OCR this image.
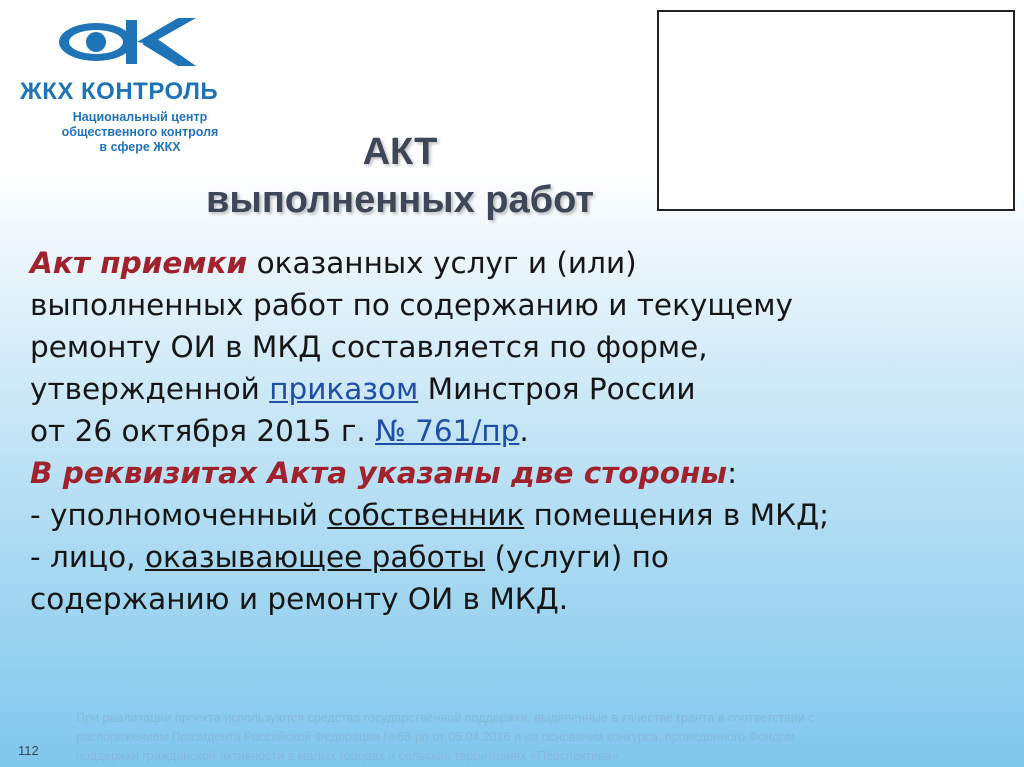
ЖКХ КОНТРОЛЬ
Национальный центр
общественного контроля
в сфере ЖКХ	АКТ
выполненных работ
Акт приемки оказанных услуг и (или)
выполненных работ по содержанию и текущему
ремонту ОИ в МКД составляется по форме,
утвержденной приказом Минстроя России
от 26 октября 2015 г. № 761/пр.
В реквизитах Акта указаны две стороны:
- уполномоченный собственник помещения в МКД;
- лицо, оказывающее работы (услуги) по
содержанию и ремонту ОИ в МКД.
При реализации проекта используются средства государственной поддержки, выделенные в качестве гранта в соответствии с
распоряжением Президента Российской Федерации №68-рп от 05.04.2016 и на основании конкурса, проведенного Фондом
поддержки гражданской активности в малых городах и сельских территориях «Перспектива»
112
